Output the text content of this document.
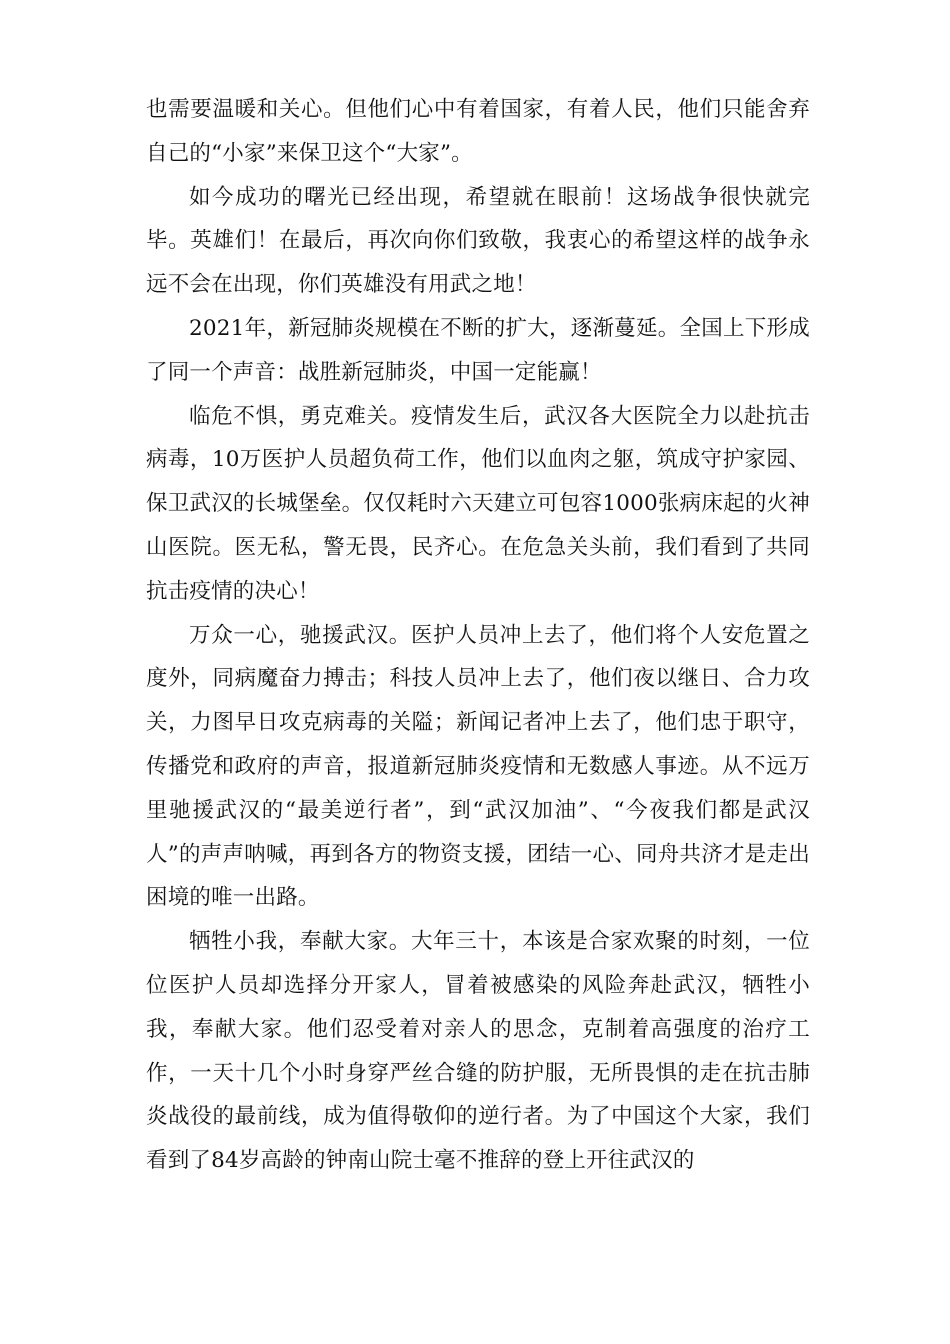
也需要温暖和关心。但他们心中有着国家，有着人民，他们只能舍弃自己的“小家”来保卫这个“大家”。

如今成功的曙光已经出现，希望就在眼前！这场战争很快就完毕。英雄们！在最后，再次向你们致敬，我衷心的希望这样的战争永远不会在出现，你们英雄没有用武之地！

2021年，新冠肺炎规模在不断的扩大，逐渐蔓延。全国上下形成了同一个声音：战胜新冠肺炎，中国一定能赢！

临危不惧，勇克难关。疫情发生后，武汉各大医院全力以赴抗击病毒，10万医护人员超负荷工作，他们以血肉之躯，筑成守护家园、保卫武汉的长城堡垒。仅仅耗时六天建立可包容1000张病床起的火神山医院。医无私，警无畏，民齐心。在危急关头前，我们看到了共同抗击疫情的决心！

万众一心，驰援武汉。医护人员冲上去了，他们将个人安危置之度外，同病魔奋力搏击；科技人员冲上去了，他们夜以继日、合力攻关，力图早日攻克病毒的关隘；新闻记者冲上去了，他们忠于职守，传播党和政府的声音，报道新冠肺炎疫情和无数感人事迹。从不远万里驰援武汉的“最美逆行者”，到“武汉加油”、“今夜我们都是武汉人”的声声呐喊，再到各方的物资支援，团结一心、同舟共济才是走出困境的唯一出路。

牺牲小我，奉献大家。大年三十，本该是合家欢聚的时刻，一位位医护人员却选择分开家人，冒着被感染的风险奔赴武汉，牺牲小我，奉献大家。他们忍受着对亲人的思念，克制着高强度的治疗工作，一天十几个小时身穿严丝合缝的防护服，无所畏惧的走在抗击肺炎战役的最前线，成为值得敬仰的逆行者。为了中国这个大家，我们看到了84岁高龄的钟南山院士毫不推辞的登上开往武汉的
